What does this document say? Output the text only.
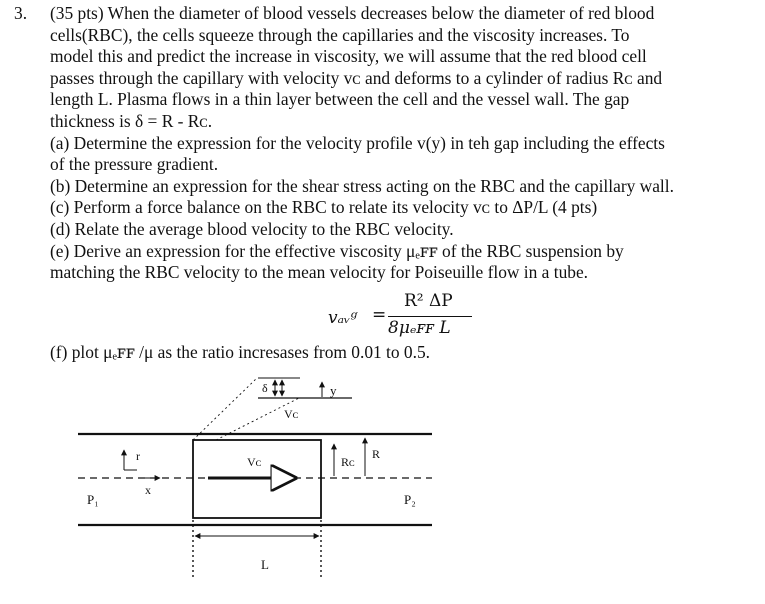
3. (35 pts) When the diameter of blood vessels decreases below the diameter of red blood
cells(RBC), the cells squeeze through the capillaries and the viscosity increases. To
model this and predict the increase in viscosity, we will assume that the red blood cell
passes through the capillary with velocity vᴄ and deforms to a cylinder of radius Rᴄ and
length L. Plasma flows in a thin layer between the cell and the vessel wall. The gap
thickness is δ = R - Rᴄ.
(a) Determine the expression for the velocity profile v(y) in teh gap including the effects
of the pressure gradient.
(b) Determine an expression for the shear stress acting on the RBC and the capillary wall.
(c) Perform a force balance on the RBC to relate its velocity vᴄ to ΔP/L (4 pts)
(d) Relate the average blood velocity to the RBC velocity.
(e) Derive an expression for the effective viscosity μₑꜰꜰ of the RBC suspension by
matching the RBC velocity to the mean velocity for Poiseuille flow in a tube.
vₐᵥᵍ =
R² ΔP
8μₑꜰꜰ L
(f) plot μₑꜰꜰ /μ as the ratio incresases from 0.01 to 0.5.
δ	y
Vᴄ
r
x
Vᴄ	Rᴄ
R
P₁	P₂
L
